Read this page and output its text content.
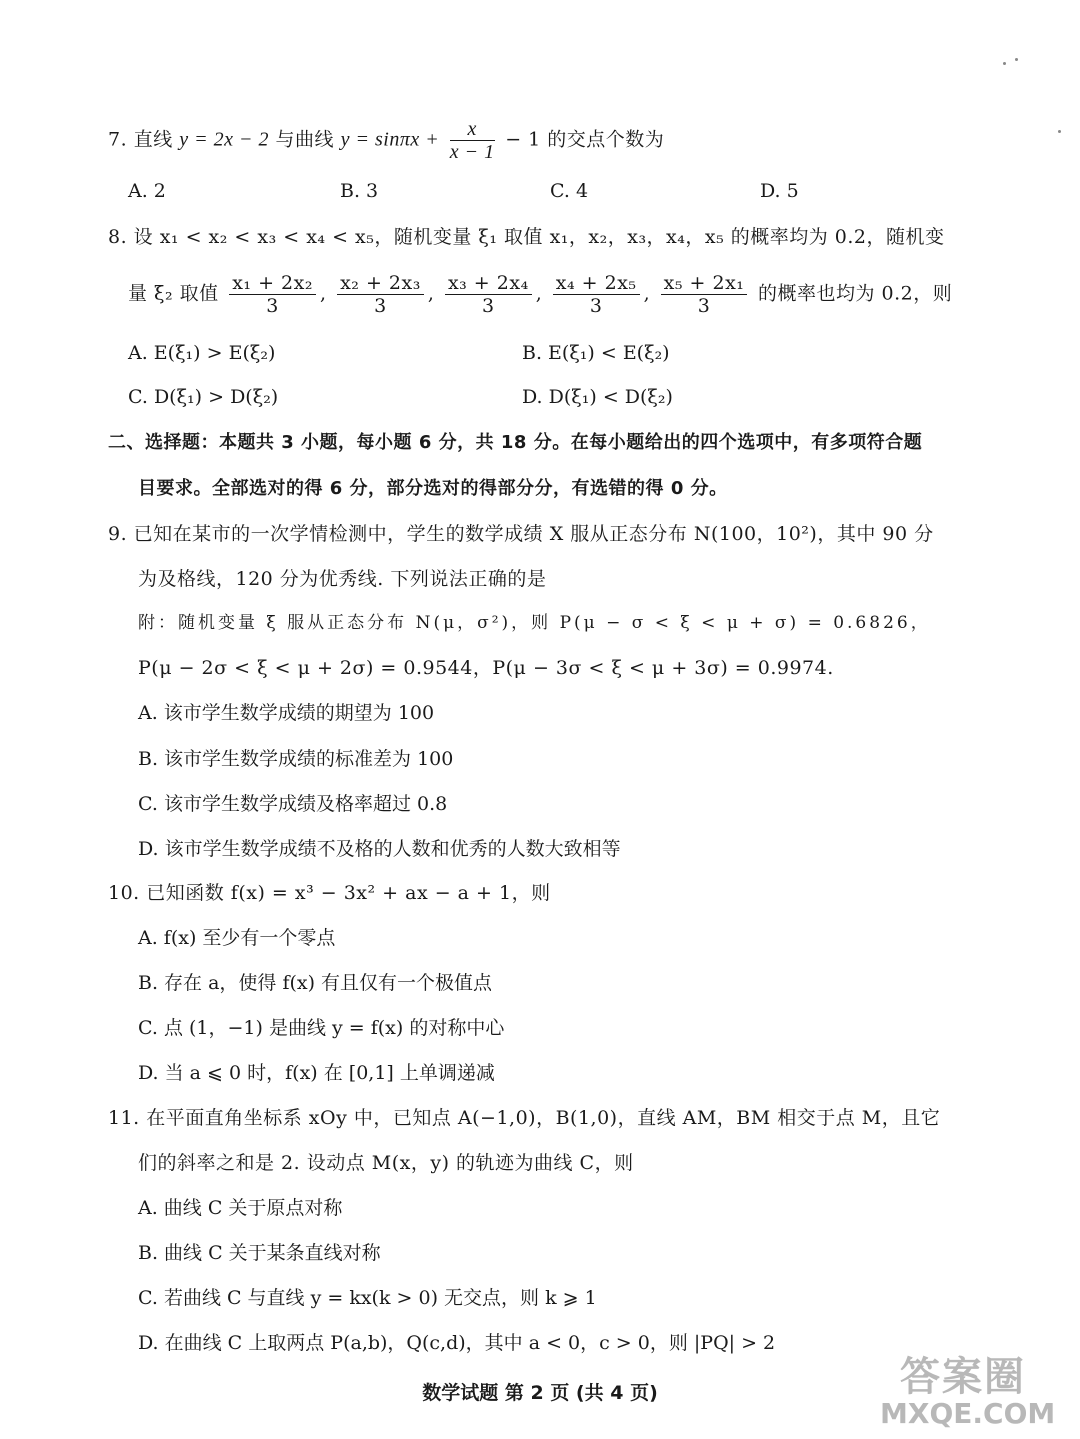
7. 直线 y = 2x − 2 与曲线 $y = \sin\pi x + \frac{x}{x - 1} - 1$ 的交点个数为
A. 2	B. 3	C. 4	D. 5
8. 设 x₁ < x₂ < x₃ < x₄ < x₅，随机变量 ξ₁ 取值 x₁，x₂，x₃，x₄，x₅ 的概率均为 0.2，随机变
量 ξ₂ 取值 $\frac{\text{x₁ + 2x₂}}{3}$ , $\frac{\text{x₂ + 2x₃}}{3}$ , $\frac{\text{x₃ + 2x₄}}{3}$ , $\frac{\text{x₄ + 2x₅}}{3}$ , $\frac{\text{x₅ + 2x₁}}{3}$ 的概率也均为 0.2，则
A. E(ξ₁) > E(ξ₂)	B. E(ξ₁) < E(ξ₂)
C. D(ξ₁) > D(ξ₂)	D. D(ξ₁) < D(ξ₂)
二、选择题：本题共 3 小题，每小题 6 分，共 18 分。在每小题给出的四个选项中，有多项符合题
目要求。全部选对的得 6 分，部分选对的得部分分，有选错的得 0 分。
9. 已知在某市的一次学情检测中，学生的数学成绩 X 服从正态分布 N(100，10²)，其中 90 分
为及格线，120 分为优秀线. 下列说法正确的是
附：随机变量 ξ 服从正态分布 N(μ，σ²)，则 P(μ − σ < ξ < μ + σ) = 0.6826，
P(μ − 2σ < ξ < μ + 2σ) = 0.9544，P(μ − 3σ < ξ < μ + 3σ) = 0.9974.
A. 该市学生数学成绩的期望为 100
B. 该市学生数学成绩的标准差为 100
C. 该市学生数学成绩及格率超过 0.8
D. 该市学生数学成绩不及格的人数和优秀的人数大致相等
10. 已知函数 f(x) = x³ − 3x² + ax − a + 1，则
A. f(x) 至少有一个零点
B. 存在 a，使得 f(x) 有且仅有一个极值点
C. 点 (1，−1) 是曲线 y = f(x) 的对称中心
D. 当 a ⩽ 0 时，f(x) 在 [0,1] 上单调递减
11. 在平面直角坐标系 xOy 中，已知点 A(−1,0)，B(1,0)，直线 AM，BM 相交于点 M，且它
们的斜率之和是 2. 设动点 M(x，y) 的轨迹为曲线 C，则
A. 曲线 C 关于原点对称
B. 曲线 C 关于某条直线对称
C. 若曲线 C 与直线 y = kx(k > 0) 无交点，则 k ⩾ 1
D. 在曲线 C 上取两点 P(a,b)，Q(c,d)，其中 a < 0，c > 0，则 |PQ| > 2
数学试题 第 2 页 (共 4 页)	答案圈
MXQE.COM
